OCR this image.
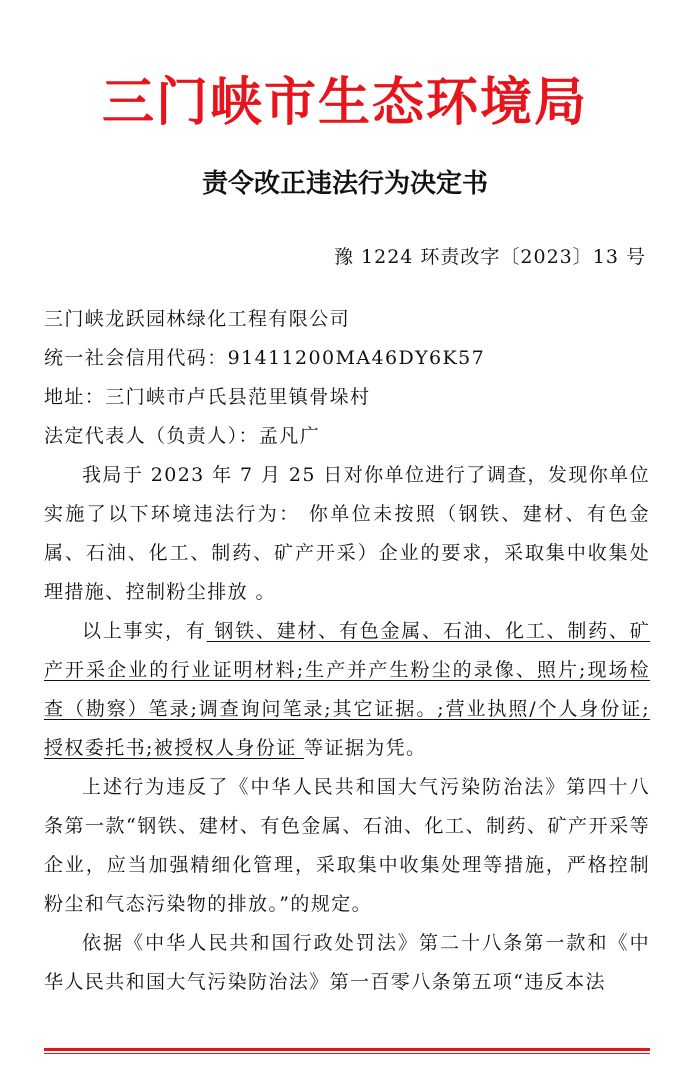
三门峡市生态环境局
责令改正违法行为决定书
豫 1224 环责改字〔2023〕13 号

三门峡龙跃园林绿化工程有限公司

统一社会信用代码：91411200MA46DY6K57

地址：三门峡市卢氏县范里镇骨垛村

法定代表人（负责人）：孟凡广

我局于 2023 年 7 月 25 日对你单位进行了调查，发现你单位实施了以下环境违法行为： 你单位未按照（钢铁、建材、有色金属、石油、化工、制药、矿产开采）企业的要求，采取集中收集处理措施、控制粉尘排放 。

以上事实，有 钢铁、建材、有色金属、石油、化工、制药、矿产开采企业的行业证明材料;生产并产生粉尘的录像、照片;现场检查（勘察）笔录;调查询问笔录;其它证据。;营业执照/个人身份证;授权委托书;被授权人身份证 等证据为凭。

上述行为违反了《中华人民共和国大气污染防治法》第四十八条第一款“钢铁、建材、有色金属、石油、化工、制药、矿产开采等企业，应当加强精细化管理，采取集中收集处理等措施，严格控制粉尘和气态污染物的排放。”的规定。

依据《中华人民共和国行政处罚法》第二十八条第一款和《中华人民共和国大气污染防治法》第一百零八条第五项“违反本法
